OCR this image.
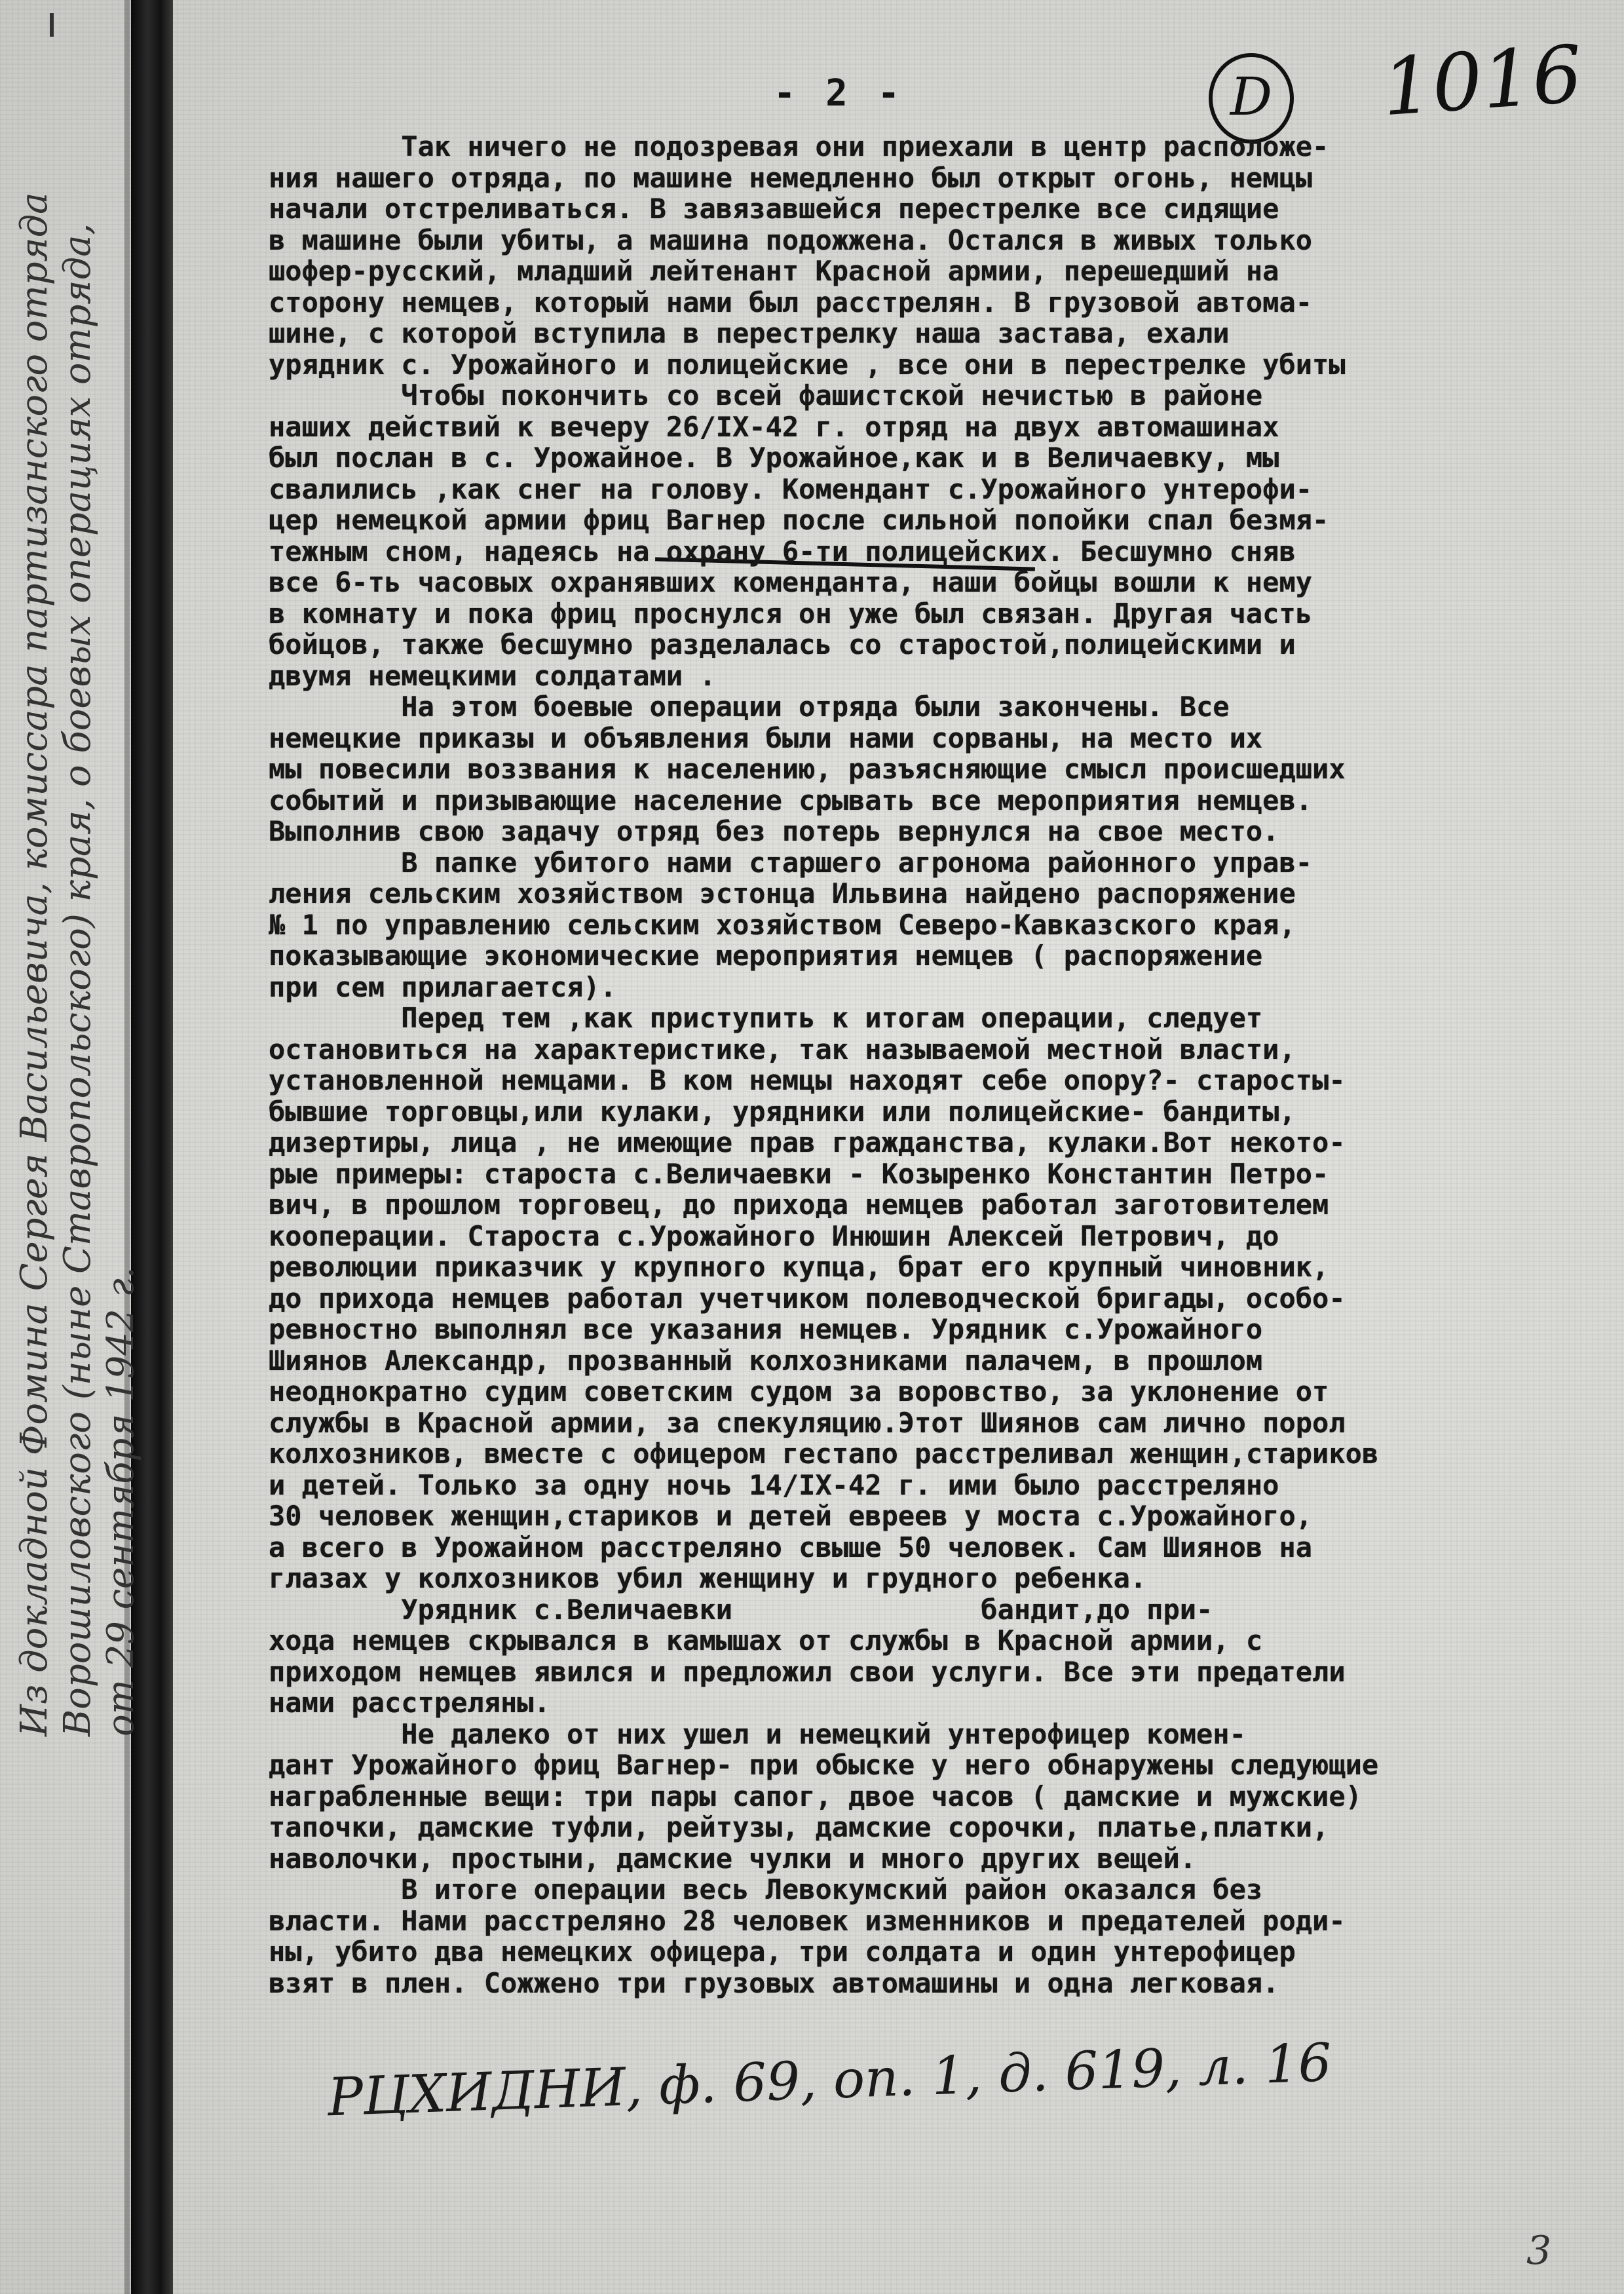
Из докладной Фомина Сергея Васильевича, комиссара партизанского отряда Ворошиловского (ныне Ставропольского) края, о боевых операциях отряда, от 29 сентября 1942 г.
- 2 -	D 1016
Так ничего не подозревая они приехали в центр расположе-
ния нашего отряда, по машине немедленно был открыт огонь, немцы
начали отстреливаться. В завязавшейся перестрелке все сидящие
в машине были убиты, а машина подожжена. Остался в живых только
шофер-русский, младший лейтенант Красной армии, перешедший на
сторону немцев, который нами был расстрелян. В грузовой автома-
шине, с которой вступила в перестрелку наша застава, ехали
урядник с. Урожайного и полицейские , все они в перестрелке убиты
Чтобы покончить со всей фашистской нечистью в районе
наших действий к вечеру 26/IX-42 г. отряд на двух автомашинах
был послан в с. Урожайное. В Урожайное,как и в Величаевку, мы
свалились ,как снег на голову. Комендант с.Урожайного унтерофи-
цер немецкой армии фриц Вагнер после сильной попойки спал безмя-
тежным сном, надеясь на охрану 6-ти полицейских. Бесшумно сняв
все 6-ть часовых охранявших коменданта, наши бойцы вошли к нему
в комнату и пока фриц проснулся он уже был связан. Другая часть
бойцов, также бесшумно разделалась со старостой,полицейскими и
двумя немецкими солдатами .
На этом боевые операции отряда были закончены. Все
немецкие приказы и объявления были нами сорваны, на место их
мы повесили воззвания к населению, разъясняющие смысл происшедших
событий и призывающие население срывать все мероприятия немцев.
Выполнив свою задачу отряд без потерь вернулся на свое место.
В папке убитого нами старшего агронома районного управ-
ления сельским хозяйством эстонца Ильвина найдено распоряжение
№ 1 по управлению сельским хозяйством Северо-Кавказского края,
показывающие экономические мероприятия немцев ( распоряжение
при сем прилагается).
Перед тем ,как приступить к итогам операции, следует
остановиться на характеристике, так называемой местной власти,
установленной немцами. В ком немцы находят себе опору?- старосты-
бывшие торговцы,или кулаки, урядники или полицейские- бандиты,
дизертиры, лица , не имеющие прав гражданства, кулаки.Вот некото-
рые примеры: староста с.Величаевки - Козыренко Константин Петро-
вич, в прошлом торговец, до прихода немцев работал заготовителем
кооперации. Староста с.Урожайного Инюшин Алексей Петрович, до
революции приказчик у крупного купца, брат его крупный чиновник,
до прихода немцев работал учетчиком полеводческой бригады, особо-
ревностно выполнял все указания немцев. Урядник с.Урожайного
Шиянов Александр, прозванный колхозниками палачем, в прошлом
неоднократно судим советским судом за воровство, за уклонение от
службы в Красной армии, за спекуляцию.Этот Шиянов сам лично порол
колхозников, вместе с офицером гестапо расстреливал женщин,стариков
и детей. Только за одну ночь 14/IX-42 г. ими было расстреляно
30 человек женщин,стариков и детей евреев у моста с.Урожайного,
а всего в Урожайном расстреляно свыше 50 человек. Сам Шиянов на
глазах у колхозников убил женщину и грудного ребенка.
Урядник с.Величаевки               бандит,до при-
хода немцев скрывался в камышах от службы в Красной армии, с
приходом немцев явился и предложил свои услуги. Все эти предатели
нами расстреляны.
Не далеко от них ушел и немецкий унтерофицер комен-
дант Урожайного фриц Вагнер- при обыске у него обнаружены следующие
награбленные вещи: три пары сапог, двое часов ( дамские и мужские)
тапочки, дамские туфли, рейтузы, дамские сорочки, платье,платки,
наволочки, простыни, дамские чулки и много других вещей.
В итоге операции весь Левокумский район оказался без
власти. Нами расстреляно 28 человек изменников и предателей роди-
ны, убито два немецких офицера, три солдата и один унтерофицер
взят в плен. Сожжено три грузовых автомашины и одна легковая.
РЦХИДНИ, ф. 69, оп. 1, д. 619, л. 16
3
